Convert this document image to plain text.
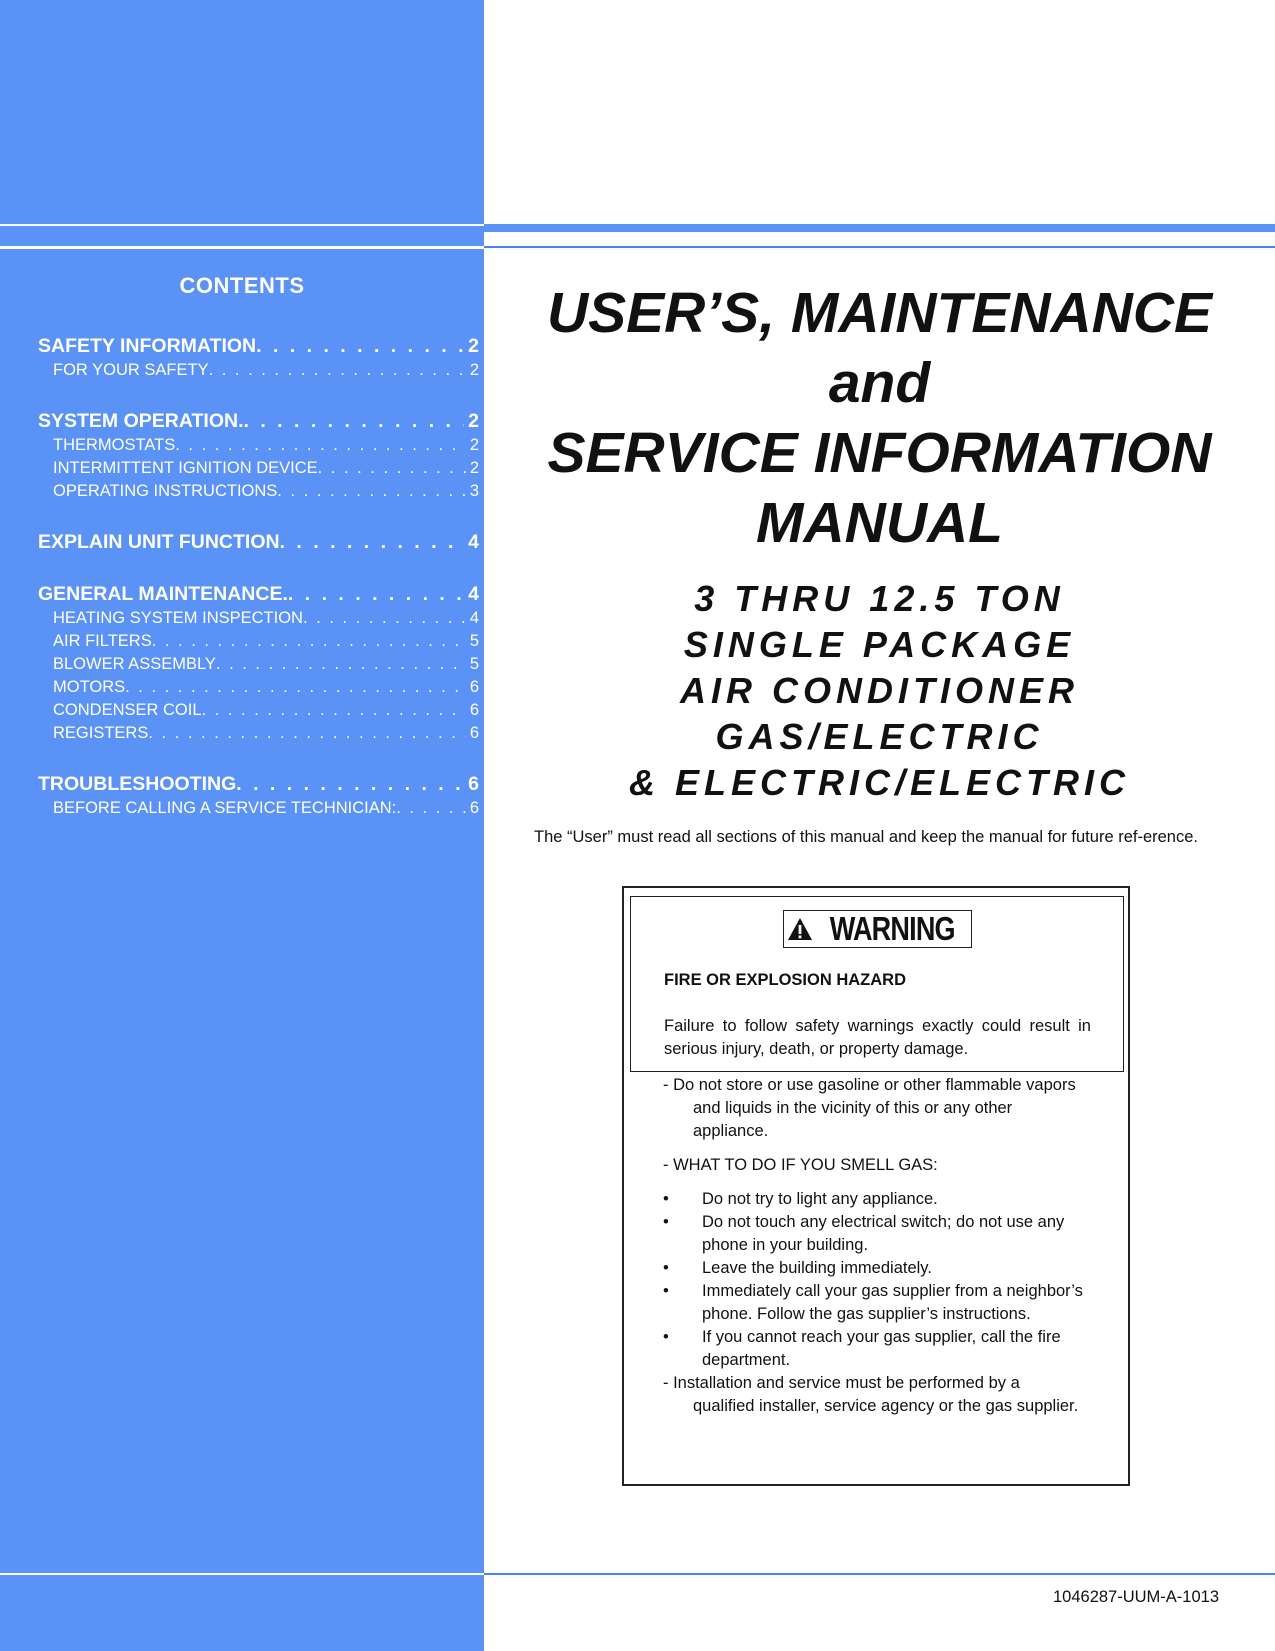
CONTENTS
SAFETY INFORMATION . . .	2
FOR YOUR SAFETY . . .	2
SYSTEM OPERATION. . . .	2
THERMOSTATS . . .	2
INTERMITTENT IGNITION DEVICE . . .	2
OPERATING INSTRUCTIONS . . .	3
EXPLAIN UNIT FUNCTION . . .	4
GENERAL MAINTENANCE. . . .	4
HEATING SYSTEM INSPECTION . . .	4
AIR FILTERS . . .	5
BLOWER ASSEMBLY . . .	5
MOTORS . . .	6
CONDENSER COIL . . .	6
REGISTERS . . .	6
TROUBLESHOOTING . . .	6
BEFORE CALLING A SERVICE TECHNICIAN: . . .	6
USER’S, MAINTENANCE
and
SERVICE INFORMATION
MANUAL
3 THRU 12.5 TON
SINGLE PACKAGE
AIR CONDITIONER
GAS/ELECTRIC
& ELECTRIC/ELECTRIC
The “User” must read all sections of this manual and keep the manual for future ref-erence.
WARNING
FIRE OR EXPLOSION HAZARD
Failure to follow safety warnings exactly could result in serious injury, death, or property damage.
- Do not store or use gasoline or other flammable vapors and liquids in the vicinity of this or any other appliance.
- WHAT TO DO IF YOU SMELL GAS:
•	Do not try to light any appliance.
•	Do not touch any electrical switch; do not use any phone in your building.
•	Leave the building immediately.
•	Immediately call your gas supplier from a neighbor’s phone. Follow the gas supplier’s instructions.
•	If you cannot reach your gas supplier, call the fire department.
- Installation and service must be performed by a qualified installer, service agency or the gas supplier.
1046287-UUM-A-1013
